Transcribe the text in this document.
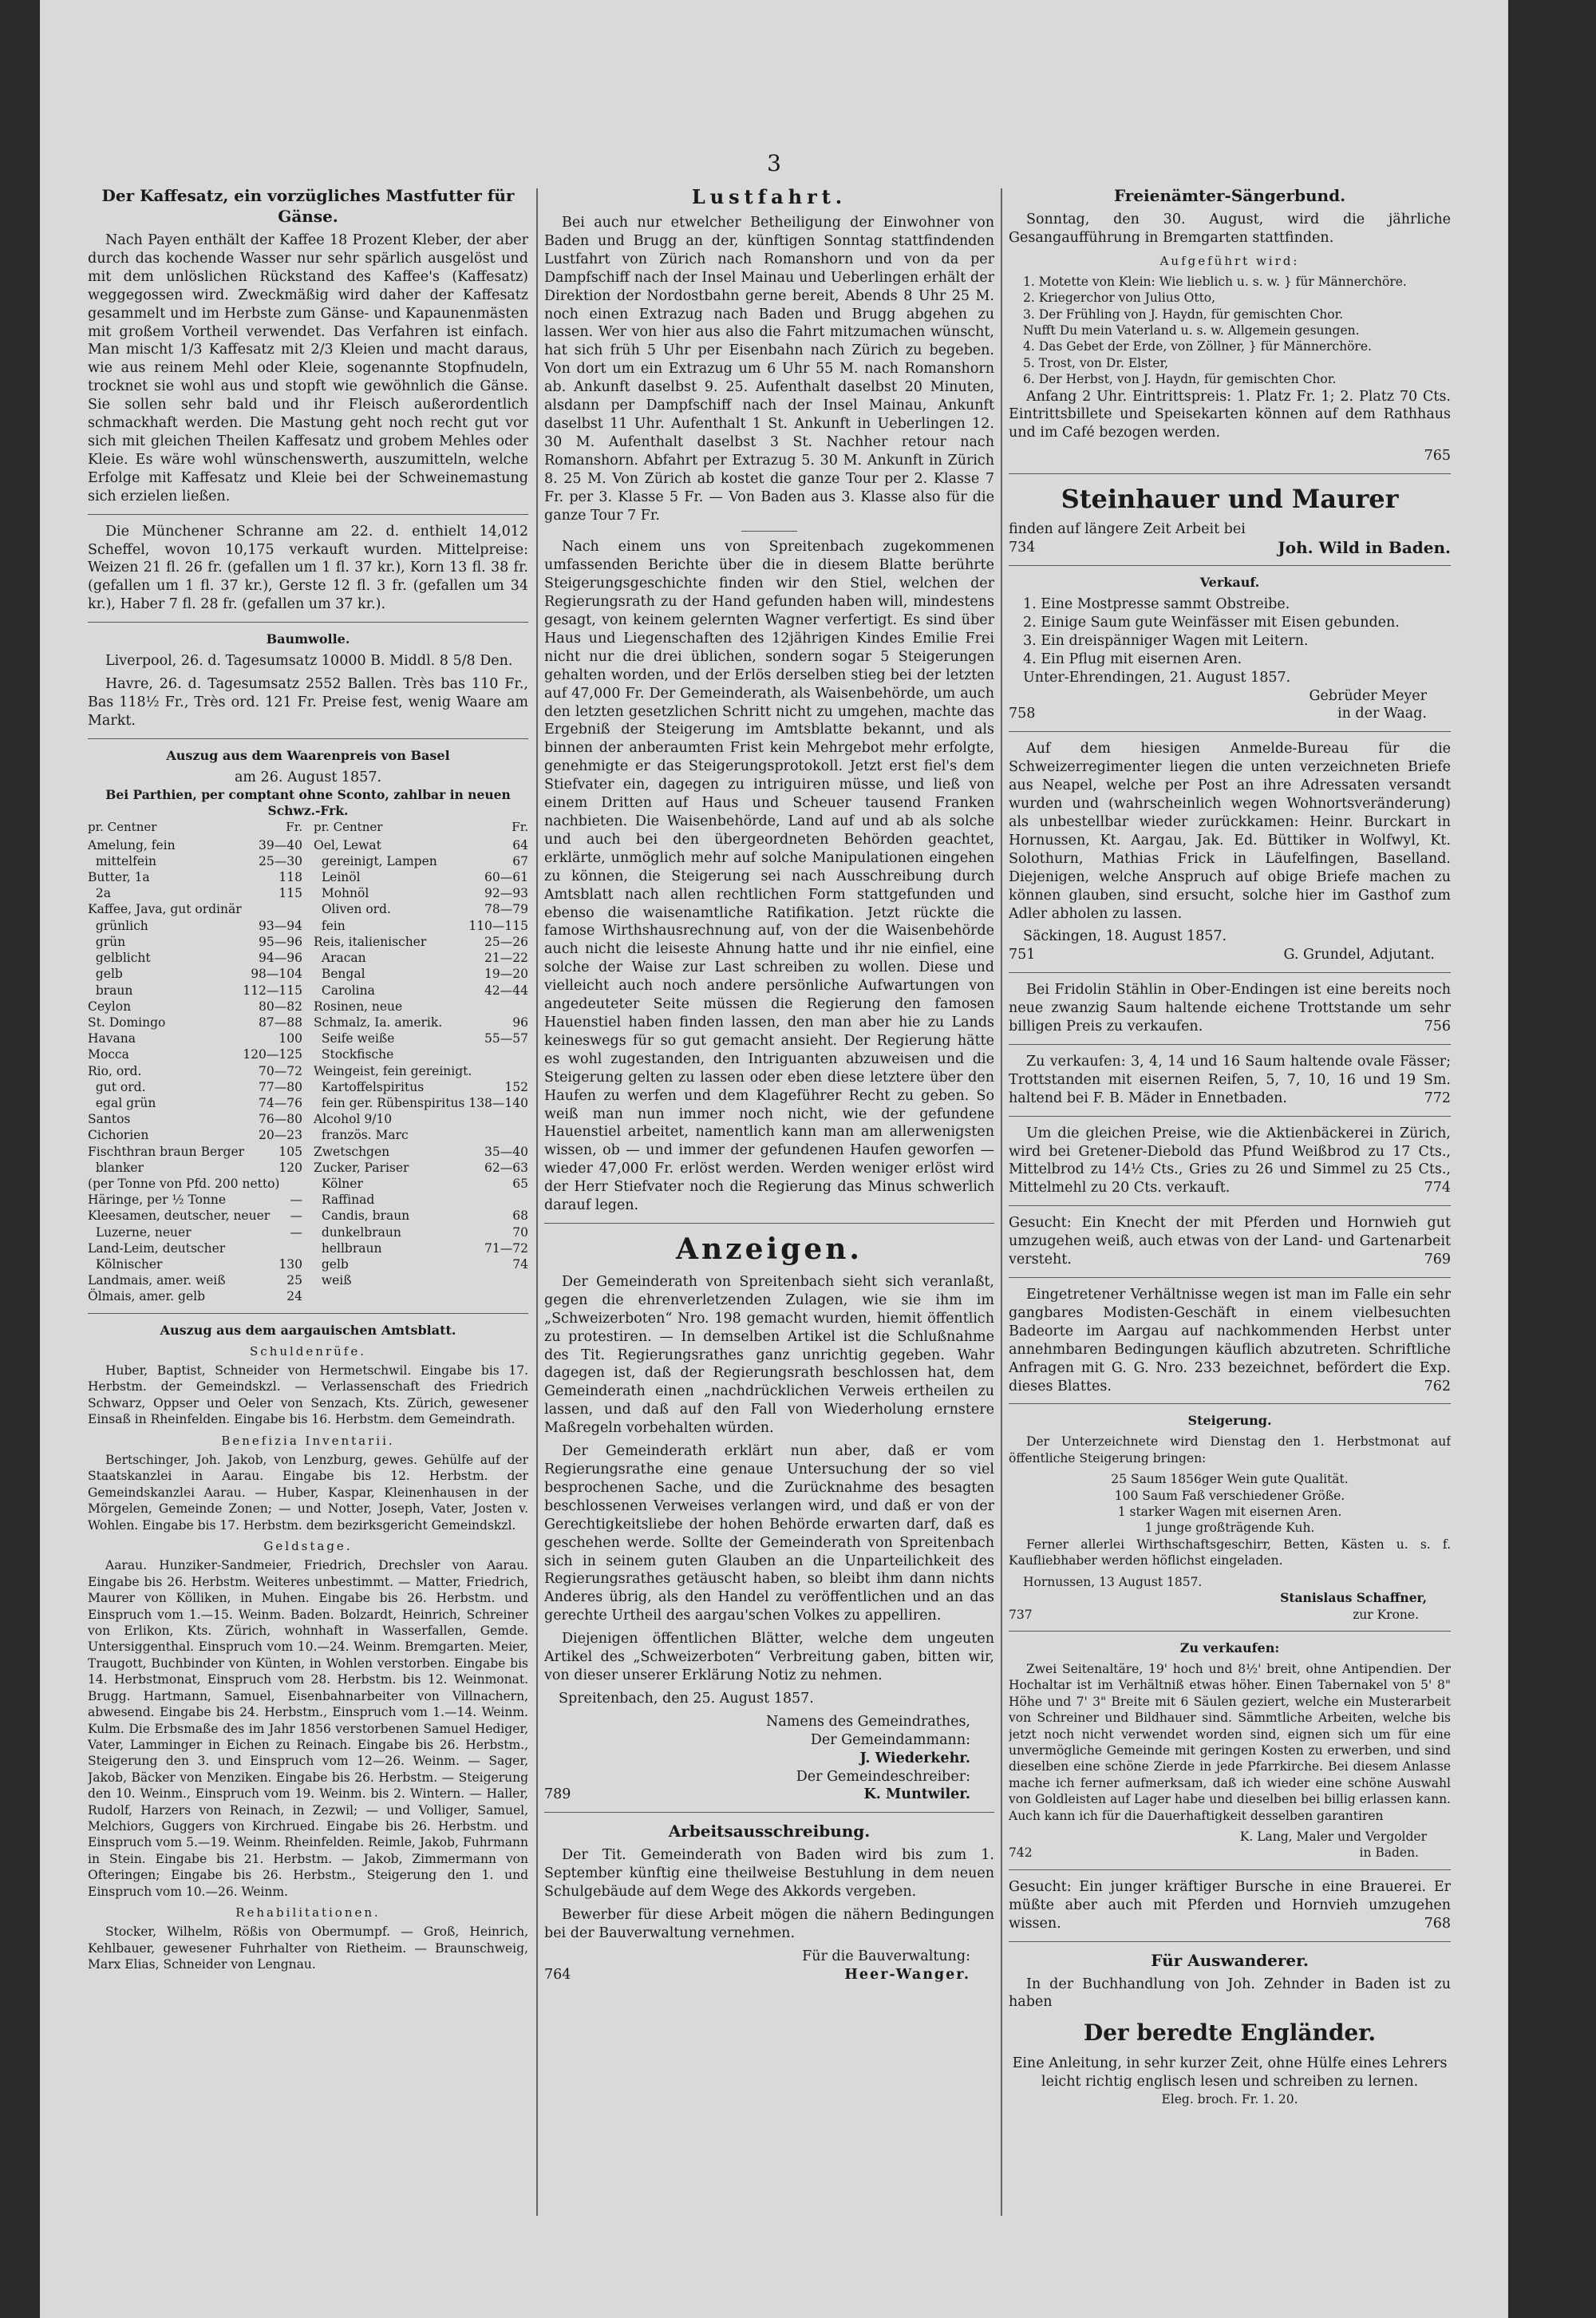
3
Der Kaffesatz, ein vorzügliches Mastfutter für Gänse.

Nach Payen enthält der Kaffee 18 Prozent Kleber, der aber durch das kochende Wasser nur sehr spärlich ausgelöst und mit dem unlöslichen Rückstand des Kaffee's (Kaffesatz) weggegossen wird. Zweckmäßig wird daher der Kaffesatz gesammelt und im Herbste zum Gänse- und Kapaunenmästen mit großem Vortheil verwendet. Das Verfahren ist einfach. Man mischt 1/3 Kaffesatz mit 2/3 Kleien und macht daraus, wie aus reinem Mehl oder Kleie, sogenannte Stopfnudeln, trocknet sie wohl aus und stopft wie gewöhnlich die Gänse. Sie sollen sehr bald und ihr Fleisch außerordentlich schmackhaft werden. Die Mastung geht noch recht gut vor sich mit gleichen Theilen Kaffesatz und grobem Mehles oder Kleie. Es wäre wohl wünschenswerth, auszumitteln, welche Erfolge mit Kaffesatz und Kleie bei der Schweinemastung sich erzielen ließen.

Die Münchener Schranne am 22. d. enthielt 14,012 Scheffel, wovon 10,175 verkauft wurden. Mittelpreise: Weizen 21 fl. 26 fr. (gefallen um 1 fl. 37 kr.), Korn 13 fl. 38 fr. (gefallen um 1 fl. 37 kr.), Gerste 12 fl. 3 fr. (gefallen um 34 kr.), Haber 7 fl. 28 fr. (gefallen um 37 kr.).

Baumwolle.

Liverpool, 26. d. Tagesumsatz 10000 B. Middl. 8 5/8 Den.

Havre, 26. d. Tagesumsatz 2552 Ballen. Très bas 110 Fr., Bas 118½ Fr., Très ord. 121 Fr. Preise fest, wenig Waare am Markt.

Auszug aus dem Waarenpreis von Basel
am 26. August 1857.
Bei Parthien, per comptant ohne Sconto, zahlbar in neuen Schwz.-Frk.
pr. Centner	Fr.
Amelung, fein	39—40
mittelfein	25—30
Butter, 1a	118
2a	115
Kaffee, Java, gut ordinär
grünlich	93—94
grün	95—96
gelblicht	94—96
gelb	98—104
braun	112—115
Ceylon	80—82
St. Domingo	87—88
Havana	100
Mocca	120—125
Rio, ord.	70—72
gut ord.	77—80
egal grün	74—76
Santos	76—80
Cichorien	20—23
Fischthran braun Berger	105
blanker	120
(per Tonne von Pfd. 200 netto)
Häringe, per ½ Tonne	—
Kleesamen, deutscher, neuer —
Luzerne, neuer	—
Land-Leim, deutscher
Kölnischer	130
Landmais, amer. weiß	25
Ölmais, amer. gelb	24
pr. Centner	Fr.
Oel, Lewat	64
gereinigt, Lampen	67
Leinöl	60—61
Mohnöl	92—93
Oliven ord.	78—79
fein	110—115
Reis, italienischer	25—26
Aracan	21—22
Bengal	19—20
Carolina	42—44
Rosinen, neue
Schmalz, Ia. amerik.	96
Seife weiße	55—57
Stockfische
Weingeist, fein gereinigt.
Kartoffelspiritus	152
fein ger. Rübenspiritus 138—140
Alcohol 9/10
französ. Marc
Zwetschgen	35—40
Zucker, Pariser	62—63
Kölner	65
Raffinad
Candis, braun	68
dunkelbraun	70
hellbraun	71—72
gelb	74
weiß
Auszug aus dem aargauischen Amtsblatt.
Schuldenrüfe.

Huber, Baptist, Schneider von Hermetschwil. Eingabe bis 17. Herbstm. der Gemeindskzl. — Verlassenschaft des Friedrich Schwarz, Oppser und Oeler von Senzach, Kts. Zürich, gewesener Einsaß in Rheinfelden. Eingabe bis 16. Herbstm. dem Gemeindrath.

Benefizia Inventarii.

Bertschinger, Joh. Jakob, von Lenzburg, gewes. Gehülfe auf der Staatskanzlei in Aarau. Eingabe bis 12. Herbstm. der Gemeindskanzlei Aarau. — Huber, Kaspar, Kleinenhausen in der Mörgelen, Gemeinde Zonen; — und Notter, Joseph, Vater, Josten v. Wohlen. Eingabe bis 17. Herbstm. dem bezirksgericht Gemeindskzl.

Geldstage.

Aarau. Hunziker-Sandmeier, Friedrich, Drechsler von Aarau. Eingabe bis 26. Herbstm. Weiteres unbestimmt. — Matter, Friedrich, Maurer von Kölliken, in Muhen. Eingabe bis 26. Herbstm. und Einspruch vom 1.—15. Weinm. Baden. Bolzardt, Heinrich, Schreiner von Erlikon, Kts. Zürich, wohnhaft in Wasserfallen, Gemde. Untersiggenthal. Einspruch vom 10.—24. Weinm. Bremgarten. Meier, Traugott, Buchbinder von Künten, in Wohlen verstorben. Eingabe bis 14. Herbstmonat, Einspruch vom 28. Herbstm. bis 12. Weinmonat. Brugg. Hartmann, Samuel, Eisenbahnarbeiter von Villnachern, abwesend. Eingabe bis 24. Herbstm., Einspruch vom 1.—14. Weinm. Kulm. Die Erbsmaße des im Jahr 1856 verstorbenen Samuel Hediger, Vater, Lamminger in Eichen zu Reinach. Eingabe bis 26. Herbstm., Steigerung den 3. und Einspruch vom 12—26. Weinm. — Sager, Jakob, Bäcker von Menziken. Eingabe bis 26. Herbstm. — Steigerung den 10. Weinm., Einspruch vom 19. Weinm. bis 2. Wintern. — Haller, Rudolf, Harzers von Reinach, in Zezwil; — und Volliger, Samuel, Melchiors, Guggers von Kirchrued. Eingabe bis 26. Herbstm. und Einspruch vom 5.—19. Weinm. Rheinfelden. Reimle, Jakob, Fuhrmann in Stein. Eingabe bis 21. Herbstm. — Jakob, Zimmermann von Ofteringen; Eingabe bis 26. Herbstm., Steigerung den 1. und Einspruch vom 10.—26. Weinm.

Rehabilitationen.

Stocker, Wilhelm, Rößis von Obermumpf. — Groß, Heinrich, Kehlbauer, gewesener Fuhrhalter von Rietheim. — Braunschweig, Marx Elias, Schneider von Lengnau.

Lustfahrt.

Bei auch nur etwelcher Betheiligung der Einwohner von Baden und Brugg an der, künftigen Sonntag stattfindenden Lustfahrt von Zürich nach Romanshorn und von da per Dampfschiff nach der Insel Mainau und Ueberlingen erhält der Direktion der Nordostbahn gerne bereit, Abends 8 Uhr 25 M. noch einen Extrazug nach Baden und Brugg abgehen zu lassen. Wer von hier aus also die Fahrt mitzumachen wünscht, hat sich früh 5 Uhr per Eisenbahn nach Zürich zu begeben. Von dort um ein Extrazug um 6 Uhr 55 M. nach Romanshorn ab. Ankunft daselbst 9. 25. Aufenthalt daselbst 20 Minuten, alsdann per Dampfschiff nach der Insel Mainau, Ankunft daselbst 11 Uhr. Aufenthalt 1 St. Ankunft in Ueberlingen 12. 30 M. Aufenthalt daselbst 3 St. Nachher retour nach Romanshorn. Abfahrt per Extrazug 5. 30 M. Ankunft in Zürich 8. 25 M. Von Zürich ab kostet die ganze Tour per 2. Klasse 7 Fr. per 3. Klasse 5 Fr. — Von Baden aus 3. Klasse also für die ganze Tour 7 Fr.

Nach einem uns von Spreitenbach zugekommenen umfassenden Berichte über die in diesem Blatte berührte Steigerungsgeschichte finden wir den Stiel, welchen der Regierungsrath zu der Hand gefunden haben will, mindestens gesagt, von keinem gelernten Wagner verfertigt. Es sind über Haus und Liegenschaften des 12jährigen Kindes Emilie Frei nicht nur die drei üblichen, sondern sogar 5 Steigerungen gehalten worden, und der Erlös derselben stieg bei der letzten auf 47,000 Fr. Der Gemeinderath, als Waisenbehörde, um auch den letzten gesetzlichen Schritt nicht zu umgehen, machte das Ergebniß der Steigerung im Amtsblatte bekannt, und als binnen der anberaumten Frist kein Mehrgebot mehr erfolgte, genehmigte er das Steigerungsprotokoll. Jetzt erst fiel's dem Stiefvater ein, dagegen zu intriguiren müsse, und ließ von einem Dritten auf Haus und Scheuer tausend Franken nachbieten. Die Waisenbehörde, Land auf und ab als solche und auch bei den übergeordneten Behörden geachtet, erklärte, unmöglich mehr auf solche Manipulationen eingehen zu können, die Steigerung sei nach Ausschreibung durch Amtsblatt nach allen rechtlichen Form stattgefunden und ebenso die waisenamtliche Ratifikation. Jetzt rückte die famose Wirthshausrechnung auf, von der die Waisenbehörde auch nicht die leiseste Ahnung hatte und ihr nie einfiel, eine solche der Waise zur Last schreiben zu wollen. Diese und vielleicht auch noch andere persönliche Aufwartungen von angedeuteter Seite müssen die Regierung den famosen Hauenstiel haben finden lassen, den man aber hie zu Lands keineswegs für so gut gemacht ansieht. Der Regierung hätte es wohl zugestanden, den Intriguanten abzuweisen und die Steigerung gelten zu lassen oder eben diese letztere über den Haufen zu werfen und dem Klageführer Recht zu geben. So weiß man nun immer noch nicht, wie der gefundene Hauenstiel arbeitet, namentlich kann man am allerwenigsten wissen, ob — und immer der gefundenen Haufen geworfen — wieder 47,000 Fr. erlöst werden. Werden weniger erlöst wird der Herr Stiefvater noch die Regierung das Minus schwerlich darauf legen.

Anzeigen.

Der Gemeinderath von Spreitenbach sieht sich veranlaßt, gegen die ehrenverletzenden Zulagen, wie sie ihm im „Schweizerboten“ Nro. 198 gemacht wurden, hiemit öffentlich zu protestiren. — In demselben Artikel ist die Schlußnahme des Tit. Regierungsrathes ganz unrichtig gegeben. Wahr dagegen ist, daß der Regierungsrath beschlossen hat, dem Gemeinderath einen „nachdrücklichen Verweis ertheilen zu lassen, und daß auf den Fall von Wiederholung ernstere Maßregeln vorbehalten würden.

Der Gemeinderath erklärt nun aber, daß er vom Regierungsrathe eine genaue Untersuchung der so viel besprochenen Sache, und die Zurücknahme des besagten beschlossenen Verweises verlangen wird, und daß er von der Gerechtigkeitsliebe der hohen Behörde erwarten darf, daß es geschehen werde. Sollte der Gemeinderath von Spreitenbach sich in seinem guten Glauben an die Unparteilichkeit des Regierungsrathes getäuscht haben, so bleibt ihm dann nichts Anderes übrig, als den Handel zu veröffentlichen und an das gerechte Urtheil des aargau'schen Volkes zu appelliren.

Diejenigen öffentlichen Blätter, welche dem ungeuten Artikel des „Schweizerboten“ Verbreitung gaben, bitten wir, von dieser unserer Erklärung Notiz zu nehmen.

Spreitenbach, den 25. August 1857.

Namens des Gemeindrathes,
Der Gemeindammann:
J. Wiederkehr.
Der Gemeindeschreiber:
789	K. Muntwiler.
Arbeitsausschreibung.

Der Tit. Gemeinderath von Baden wird bis zum 1. September künftig eine theilweise Bestuhlung in dem neuen Schulgebäude auf dem Wege des Akkords vergeben.

Bewerber für diese Arbeit mögen die nähern Bedingungen bei der Bauverwaltung vernehmen.

Für die Bauverwaltung:
764	Heer-Wanger.
Freienämter-Sängerbund.

Sonntag, den 30. August, wird die jährliche Gesangaufführung in Bremgarten stattfinden.

Aufgeführt wird:
1. Motette von Klein: Wie lieblich u. s. w. } für Männerchöre.
2. Kriegerchor von Julius Otto,
3. Der Frühling von J. Haydn, für gemischten Chor.
Nufft Du mein Vaterland u. s. w. Allgemein gesungen.
4. Das Gebet der Erde, von Zöllner, } für Männerchöre.
5. Trost, von Dr. Elster,
6. Der Herbst, von J. Haydn, für gemischten Chor.

Anfang 2 Uhr. Eintrittspreis: 1. Platz Fr. 1; 2. Platz 70 Cts. Eintrittsbillete und Speisekarten können auf dem Rathhaus und im Café bezogen werden.

765
Steinhauer und Maurer
finden auf längere Zeit Arbeit bei
734	Joh. Wild in Baden.
Verkauf.
1. Eine Mostpresse sammt Obstreibe.
2. Einige Saum gute Weinfässer mit Eisen gebunden.
3. Ein dreispänniger Wagen mit Leitern.
4. Ein Pflug mit eisernen Aren.
Unter-Ehrendingen, 21. August 1857.
Gebrüder Meyer
758	in der Waag.

Auf dem hiesigen Anmelde-Bureau für die Schweizerregimenter liegen die unten verzeichneten Briefe aus Neapel, welche per Post an ihre Adressaten versandt wurden und (wahrscheinlich wegen Wohnortsveränderung) als unbestellbar wieder zurückkamen: Heinr. Burckart in Hornussen, Kt. Aargau, Jak. Ed. Büttiker in Wolfwyl, Kt. Solothurn, Mathias Frick in Läufelfingen, Baselland. Diejenigen, welche Anspruch auf obige Briefe machen zu können glauben, sind ersucht, solche hier im Gasthof zum Adler abholen zu lassen.

Säckingen, 18. August 1857.
751	G. Grundel, Adjutant.

Bei Fridolin Stählin in Ober-Endingen ist eine bereits noch neue zwanzig Saum haltende eichene Trottstande um sehr billigen Preis zu verkaufen.	756

Zu verkaufen: 3, 4, 14 und 16 Saum haltende ovale Fässer; Trottstanden mit eisernen Reifen, 5, 7, 10, 16 und 19 Sm. haltend bei F. B. Mäder in Ennetbaden.	772

Um die gleichen Preise, wie die Aktienbäckerei in Zürich, wird bei Gretener-Diebold das Pfund Weißbrod zu 17 Cts., Mittelbrod zu 14½ Cts., Gries zu 26 und Simmel zu 25 Cts., Mittelmehl zu 20 Cts. verkauft.	774

Gesucht: Ein Knecht der mit Pferden und Hornwieh gut umzugehen weiß, auch etwas von der Land- und Gartenarbeit versteht.	769

Eingetretener Verhältnisse wegen ist man im Falle ein sehr gangbares Modisten-Geschäft in einem vielbesuchten Badeorte im Aargau auf nachkommenden Herbst unter annehmbaren Bedingungen käuflich abzutreten. Schriftliche Anfragen mit G. G. Nro. 233 bezeichnet, befördert die Exp. dieses Blattes.	762

Steigerung.

Der Unterzeichnete wird Dienstag den 1. Herbstmonat auf öffentliche Steigerung bringen:

25 Saum 1856ger Wein gute Qualität.
100 Saum Faß verschiedener Größe.
1 starker Wagen mit eisernen Aren.
1 junge großträgende Kuh.

Ferner allerlei Wirthschaftsgeschirr, Betten, Kästen u. s. f. Kaufliebhaber werden höflichst eingeladen.

Hornussen, 13 August 1857.
Stanislaus Schaffner,
737	zur Krone.
Zu verkaufen:

Zwei Seitenaltäre, 19' hoch und 8½' breit, ohne Antipendien. Der Hochaltar ist im Verhältniß etwas höher. Einen Tabernakel von 5' 8" Höhe und 7' 3" Breite mit 6 Säulen geziert, welche ein Musterarbeit von Schreiner und Bildhauer sind. Sämmtliche Arbeiten, welche bis jetzt noch nicht verwendet worden sind, eignen sich um für eine unvermögliche Gemeinde mit geringen Kosten zu erwerben, und sind dieselben eine schöne Zierde in jede Pfarrkirche. Bei diesem Anlasse mache ich ferner aufmerksam, daß ich wieder eine schöne Auswahl von Goldleisten auf Lager habe und dieselben bei billig erlassen kann. Auch kann ich für die Dauerhaftigkeit desselben garantiren

K. Lang, Maler und Vergolder
742	in Baden.

Gesucht: Ein junger kräftiger Bursche in eine Brauerei. Er müßte aber auch mit Pferden und Hornvieh umzugehen wissen.	768

Für Auswanderer.

In der Buchhandlung von Joh. Zehnder in Baden ist zu haben

Der beredte Engländer.
Eine Anleitung, in sehr kurzer Zeit, ohne Hülfe eines Lehrers leicht richtig englisch lesen und schreiben zu lernen.
Eleg. broch. Fr. 1. 20.
